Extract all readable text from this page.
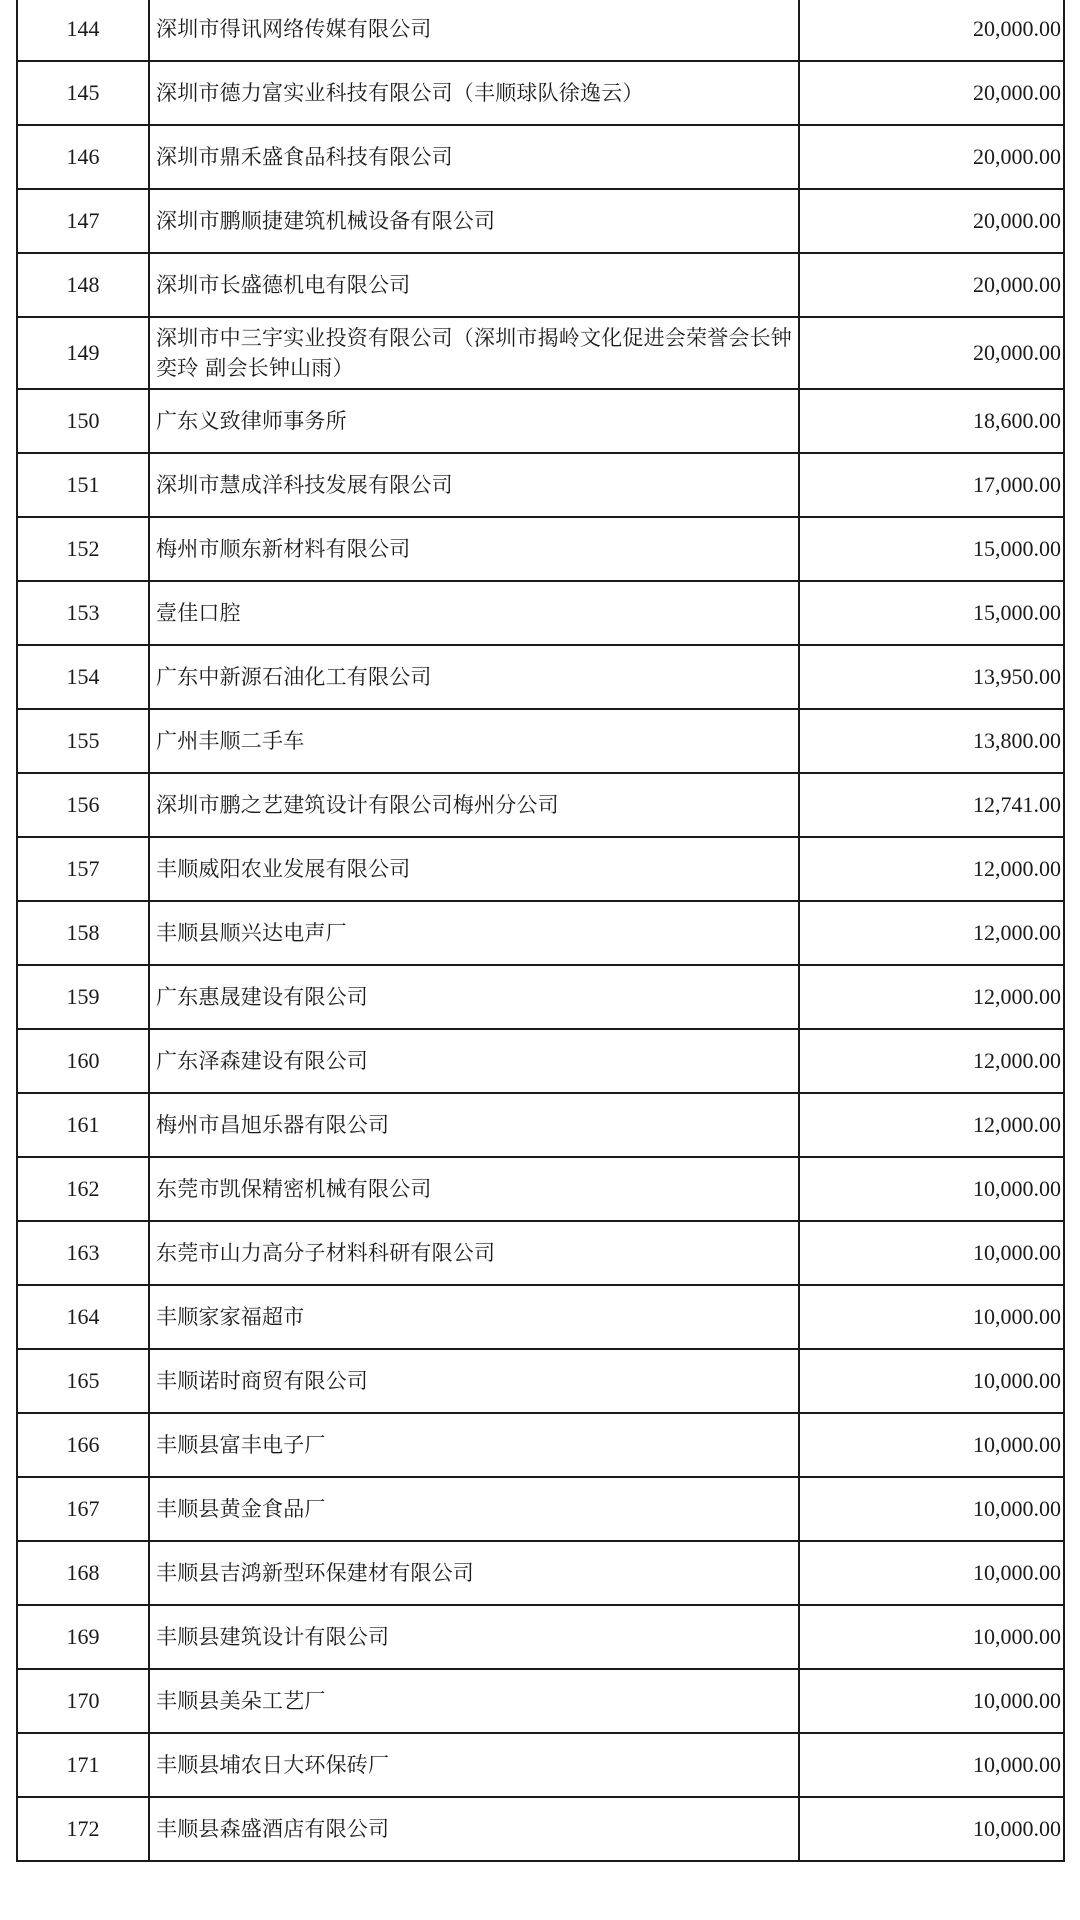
144	深圳市得讯网络传媒有限公司	20,000.00
145	深圳市德力富实业科技有限公司（丰顺球队徐逸云）	20,000.00
146	深圳市鼎禾盛食品科技有限公司	20,000.00
147	深圳市鹏顺捷建筑机械设备有限公司	20,000.00
148	深圳市长盛德机电有限公司	20,000.00
149	深圳市中三宇实业投资有限公司（深圳市揭岭文化促进会荣誉会长钟奕玲 副会长钟山雨）	20,000.00
150	广东义致律师事务所	18,600.00
151	深圳市慧成洋科技发展有限公司	17,000.00
152	梅州市顺东新材料有限公司	15,000.00
153	壹佳口腔	15,000.00
154	广东中新源石油化工有限公司	13,950.00
155	广州丰顺二手车	13,800.00
156	深圳市鹏之艺建筑设计有限公司梅州分公司	12,741.00
157	丰顺威阳农业发展有限公司	12,000.00
158	丰顺县顺兴达电声厂	12,000.00
159	广东惠晟建设有限公司	12,000.00
160	广东泽森建设有限公司	12,000.00
161	梅州市昌旭乐器有限公司	12,000.00
162	东莞市凯保精密机械有限公司	10,000.00
163	东莞市山力高分子材料科研有限公司	10,000.00
164	丰顺家家福超市	10,000.00
165	丰顺诺时商贸有限公司	10,000.00
166	丰顺县富丰电子厂	10,000.00
167	丰顺县黄金食品厂	10,000.00
168	丰顺县吉鸿新型环保建材有限公司	10,000.00
169	丰顺县建筑设计有限公司	10,000.00
170	丰顺县美朵工艺厂	10,000.00
171	丰顺县埔农日大环保砖厂	10,000.00
172	丰顺县森盛酒店有限公司	10,000.00
